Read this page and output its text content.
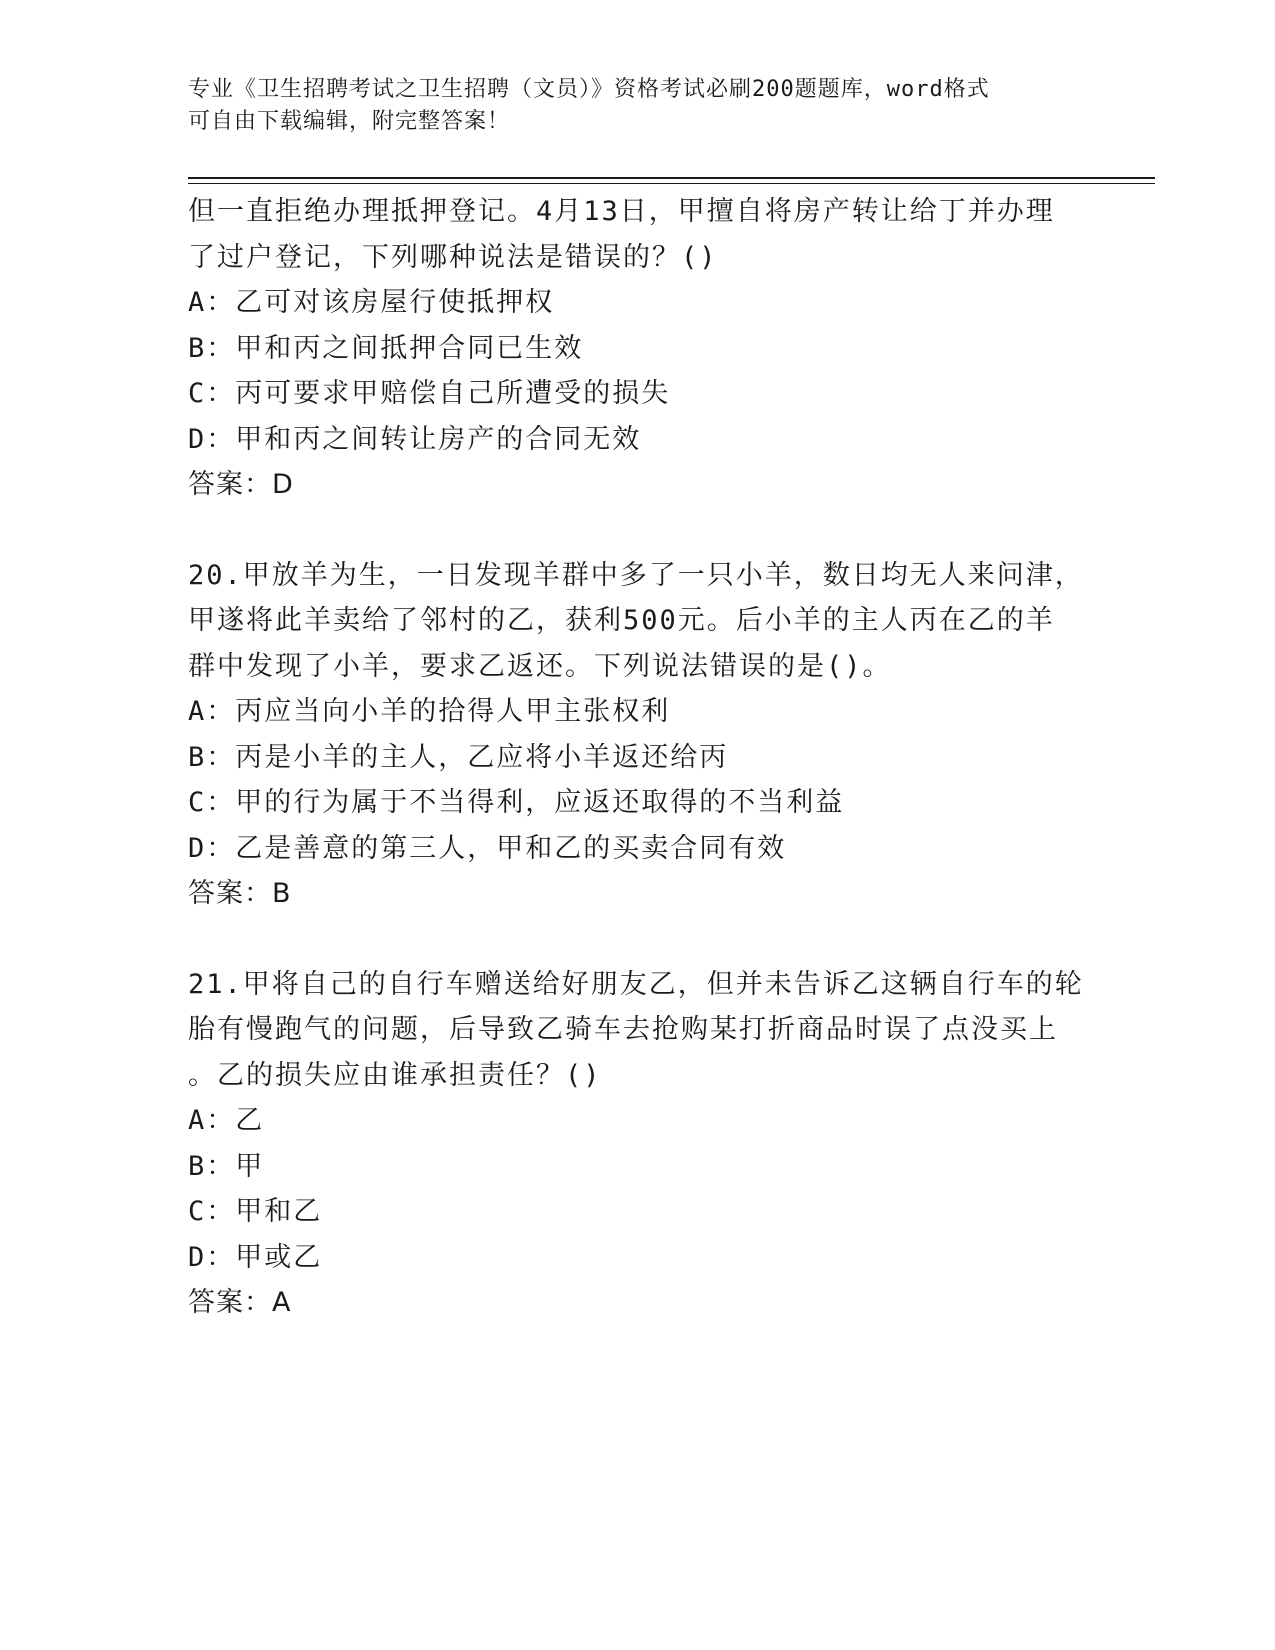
专业《卫生招聘考试之卫生招聘（文员）》资格考试必刷200题题库，word格式
可自由下载编辑，附完整答案！
但一直拒绝办理抵押登记。4月13日，甲擅自将房产转让给丁并办理
了过户登记，下列哪种说法是错误的？()
A：乙可对该房屋行使抵押权
B：甲和丙之间抵押合同已生效
C：丙可要求甲赔偿自己所遭受的损失
D：甲和丙之间转让房产的合同无效
答案：D
20.甲放羊为生，一日发现羊群中多了一只小羊，数日均无人来问津，
甲遂将此羊卖给了邻村的乙，获利500元。后小羊的主人丙在乙的羊
群中发现了小羊，要求乙返还。下列说法错误的是()。
A：丙应当向小羊的拾得人甲主张权利
B：丙是小羊的主人，乙应将小羊返还给丙
C：甲的行为属于不当得利，应返还取得的不当利益
D：乙是善意的第三人，甲和乙的买卖合同有效
答案：B
21.甲将自己的自行车赠送给好朋友乙，但并未告诉乙这辆自行车的轮
胎有慢跑气的问题，后导致乙骑车去抢购某打折商品时误了点没买上
。乙的损失应由谁承担责任？()
A：乙
B：甲
C：甲和乙
D：甲或乙
答案：A
